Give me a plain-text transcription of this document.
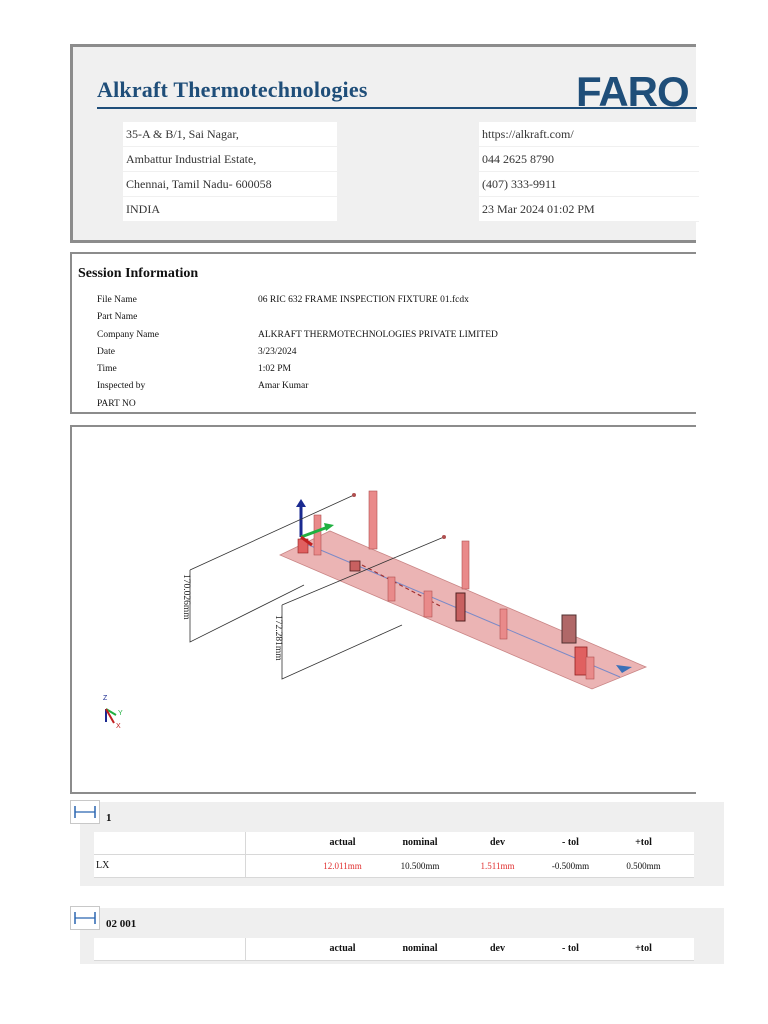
Alkraft Thermotechnologies	FARO
35-A & B/1, Sai Nagar,
Ambattur Industrial Estate,
Chennai, Tamil Nadu- 600058
INDIA
https://alkraft.com/
044 2625 8790
(407) 333-9911
23 Mar 2024 01:02 PM
Session Information
File Name	06 RIC 632 FRAME INSPECTION FIXTURE 01.fcdx
Part Name
Company Name	ALKRAFT THERMOTECHNOLOGIES PRIVATE LIMITED
Date	3/23/2024
Time	1:02 PM
Inspected by	Amar Kumar
PART NO
170.026mm
172.281mm
Z
Y
X
1
actual	nominal	dev	- tol	+tol
LX	12.011mm	10.500mm	1.511mm	-0.500mm	0.500mm
02 001
actual	nominal	dev	- tol	+tol
